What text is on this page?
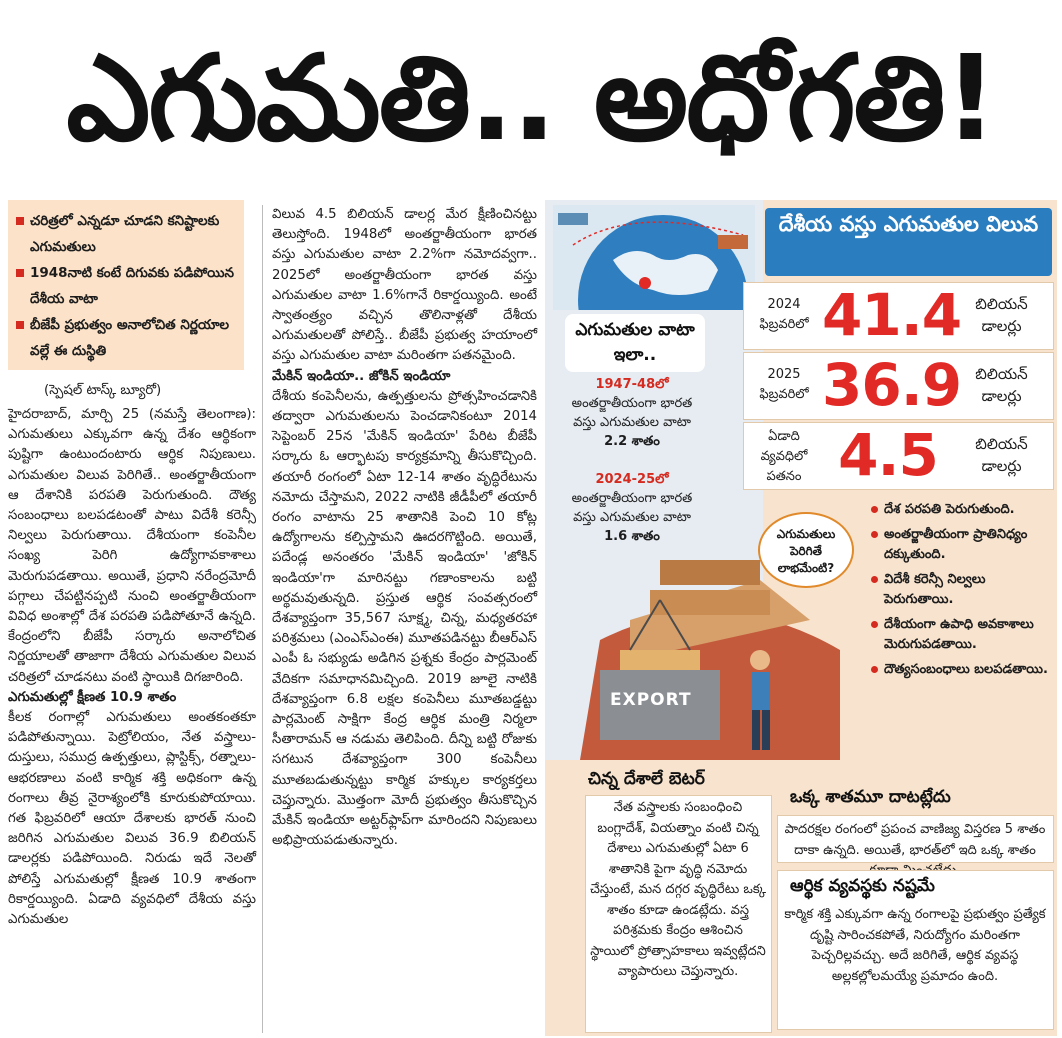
ఎగుమతి.. అధోగతి!
చరిత్రలో ఎన్నడూ చూడని కనిష్టాలకు ఎగుమతులు
1948నాటి కంటే దిగువకు పడిపోయిన దేశీయ వాటా
బీజేపీ ప్రభుత్వం అనాలోచిత నిర్ణయాల వల్లే ఈ దుస్థితి
(స్పెషల్ టాస్క్ బ్యూరో)

హైదరాబాద్, మార్చి 25 (నమస్తే తెలంగాణ): ఎగుమతులు ఎక్కువగా ఉన్న దేశం ఆర్థికంగా పుష్టిగా ఉంటుందంటారు ఆర్థిక నిపుణులు. ఎగుమతుల విలువ పెరిగితే.. అంతర్జాతీయంగా ఆ దేశానికి పరపతి పెరుగుతుంది. దౌత్య సంబంధాలు బలపడటంతో పాటు విదేశీ కరెన్సీ నిల్వలు పెరుగుతాయి. దేశీయంగా కంపెనీల సంఖ్య పెరిగి ఉద్యోగావకాశాలు మెరుగుపడతాయి. అయితే, ప్రధాని నరేంద్రమోదీ పగ్గాలు చేపట్టినప్పటి నుంచి అంతర్జాతీయంగా వివిధ అంశాల్లో దేశ పరపతి పడిపోతూనే ఉన్నది. కేంద్రంలోని బీజేపీ సర్కారు అనాలోచిత నిర్ణయాలతో తాజాగా దేశీయ ఎగుమతుల విలువ చరిత్రలో చూడనటు వంటి స్థాయికి దిగజారింది.

ఎగుమతుల్లో క్షీణత 10.9 శాతం

కీలక రంగాల్లో ఎగుమతులు అంతకంతకూ పడిపోతున్నాయి. పెట్రోలియం, నేత వస్త్రాలు-దుస్తులు, సముద్ర ఉత్పత్తులు, ప్లాస్టిక్స్, రత్నాలు-ఆభరణాలు వంటి కార్మిక శక్తి అధికంగా ఉన్న రంగాలు తీవ్ర నైరాశ్యంలోకి కూరుకుపోయాయి. గత ఫిబ్రవరిలో ఆయా దేశాలకు భారత్ నుంచి జరిగిన ఎగుమతుల విలువ 36.9 బిలియన్ డాలర్లకు పడిపోయింది. నిరుడు ఇదే నెలతో పోలిస్తే ఎగుమతుల్లో క్షీణత 10.9 శాతంగా రికార్డయ్యింది. ఏడాది వ్యవధిలో దేశీయ వస్తు ఎగుమతుల

విలువ 4.5 బిలియన్ డాలర్ల మేర క్షీణించినట్టు తెలుస్తోంది. 1948లో అంతర్జాతీయంగా భారత వస్తు ఎగుమతుల వాటా 2.2%గా నమోదవ్వగా.. 2025లో అంతర్జాతీయంగా భారత వస్తు ఎగుమతుల వాటా 1.6%గానే రికార్డయ్యింది. అంటే స్వాతంత్ర్యం వచ్చిన తొలినాళ్లతో దేశీయ ఎగుమతులతో పోలిస్తే.. బీజేపీ ప్రభుత్వ హయాంలో వస్తు ఎగుమతుల వాటా మరింతగా పతనమైంది.

మేకిన్ ఇండియా.. జోకిన్ ఇండియా

దేశీయ కంపెనీలను, ఉత్పత్తులను ప్రోత్సహించడానికి తద్వారా ఎగుమతులను పెంచడానికంటూ 2014 సెప్టెంబర్ 25న 'మేకిన్ ఇండియా' పేరిట బీజేపీ సర్కారు ఓ ఆర్భాటపు కార్యక్రమాన్ని తీసుకొచ్చింది. తయారీ రంగంలో ఏటా 12-14 శాతం వృద్ధిరేటును నమోదు చేస్తామని, 2022 నాటికి జీడీపీలో తయారీ రంగం వాటాను 25 శాతానికి పెంచి 10 కోట్ల ఉద్యోగాలను కల్పిస్తామని ఊదరగొట్టింది. అయితే, పదేండ్ల అనంతరం 'మేకిన్ ఇండియా' 'జోకిన్ ఇండియా'గా మారినట్టు గణాంకాలను బట్టి అర్థమవుతున్నది. ప్రస్తుత ఆర్థిక సంవత్సరంలో దేశవ్యాప్తంగా 35,567 సూక్ష్మ, చిన్న, మధ్యతరహా పరిశ్రమలు (ఎంఎస్ఎంఈ) మూతపడినట్టు బీఆర్ఎస్ ఎంపీ ఓ సభ్యుడు అడిగిన ప్రశ్నకు కేంద్రం పార్లమెంట్ వేదికగా సమాధానమిచ్చింది. 2019 జూలై నాటికి దేశవ్యాప్తంగా 6.8 లక్షల కంపెనీలు మూతబడ్డట్టు పార్లమెంట్ సాక్షిగా కేంద్ర ఆర్థిక మంత్రి నిర్మలా సీతారామన్ ఆ నడుమ తెలిపింది. దీన్ని బట్టి రోజుకు సగటున దేశవ్యాప్తంగా 300 కంపెనీలు మూతబడుతున్నట్టు కార్మిక హక్కుల కార్యకర్తలు చెప్తున్నారు. మొత్తంగా మోదీ ప్రభుత్వం తీసుకొచ్చిన మేకిన్ ఇండియా అట్టర్‌ఫ్లాప్‌గా మారిందని నిపుణులు అభిప్రాయపడుతున్నారు.

ఎగుమతుల వాటా ఇలా..
1947-48లో అంతర్జాతీయంగా భారత వస్తు ఎగుమతుల వాటా 2.2 శాతం
2024-25లో అంతర్జాతీయంగా భారత వస్తు ఎగుమతుల వాటా 1.6 శాతం
దేశీయ వస్తు ఎగుమతుల విలువ
2024 ఫిబ్రవరిలో 41.4 బిలియన్ డాలర్లు
2025 ఫిబ్రవరిలో 36.9 బిలియన్ డాలర్లు
ఏడాది వ్యవధిలో పతనం 4.5	బిలియన్ డాలర్లు
EXPORT
ఎగుమతులు పెరిగితే లాభమేంటి?
దేశ పరపతి పెరుగుతుంది.
అంతర్జాతీయంగా ప్రాతినిధ్యం దక్కుతుంది.
విదేశీ కరెన్సీ నిల్వలు పెరుగుతాయి.
దేశీయంగా ఉపాధి అవకాశాలు మెరుగుపడతాయి.
దౌత్యసంబంధాలు బలపడతాయి.
చిన్న దేశాలే బెటర్
నేత వస్త్రాలకు సంబంధించి బంగ్లాదేశ్, వియత్నాం వంటి చిన్న దేశాలు ఎగుమతుల్లో ఏటా 6 శాతానికి పైగా వృద్ధి నమోదు చేస్తుంటే, మన దగ్గర వృద్ధిరేటు ఒక్క శాతం కూడా ఉండట్లేదు. వస్త్ర పరిశ్రమకు కేంద్రం ఆశించిన స్థాయిలో ప్రోత్సాహకాలు ఇవ్వట్లేదని వ్యాపారులు చెప్తున్నారు.
ఒక్క శాతమూ దాటట్లేదు
పాదరక్షల రంగంలో ప్రపంచ వాణిజ్య విస్తరణ 5 శాతం దాకా ఉన్నది. అయితే, భారత్‌లో ఇది ఒక్క శాతం
ఆర్థిక వ్యవస్థకు నష్టమే
కార్మిక శక్తి ఎక్కువగా ఉన్న రంగాలపై ప్రభుత్వం ప్రత్యేక దృష్టి సారించకపోతే, నిరుద్యోగం మరింతగా పెచ్చరిల్లవచ్చు. అదే జరిగితే, ఆర్థిక వ్యవస్థ అల్లకల్లోలమయ్యే ప్రమాదం ఉంది.
